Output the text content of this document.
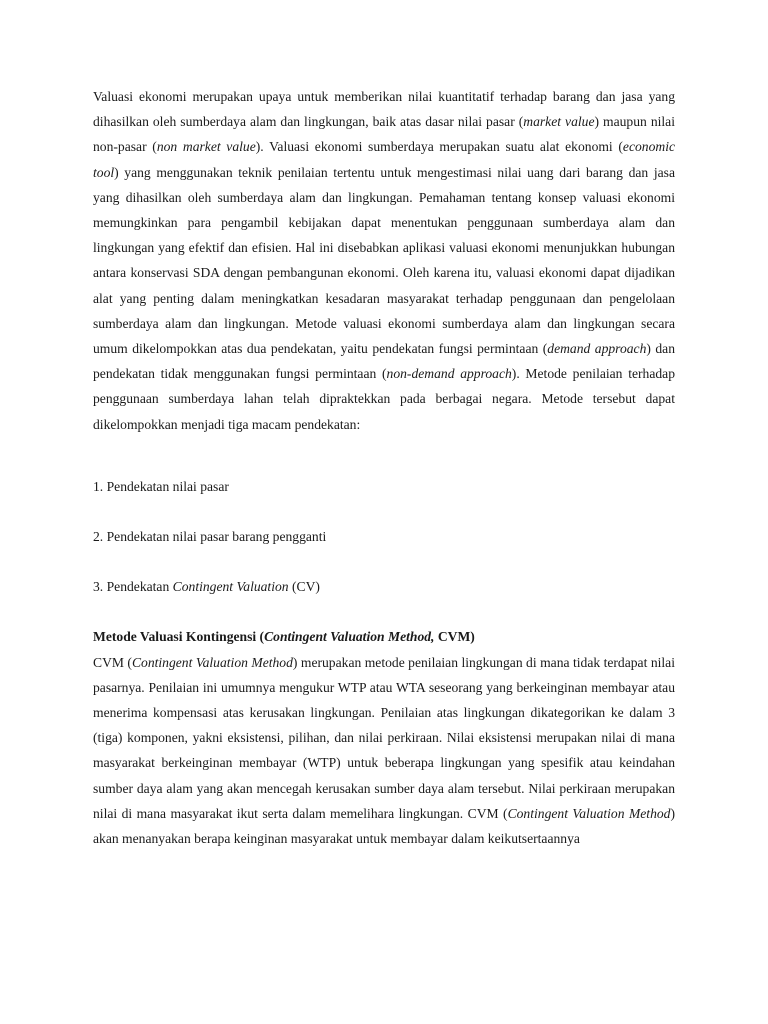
Valuasi ekonomi merupakan upaya untuk memberikan nilai kuantitatif terhadap barang dan jasa yang dihasilkan oleh sumberdaya alam dan lingkungan, baik atas dasar nilai pasar (market value) maupun nilai non-pasar (non market value). Valuasi ekonomi sumberdaya merupakan suatu alat ekonomi (economic tool) yang menggunakan teknik penilaian tertentu untuk mengestimasi nilai uang dari barang dan jasa yang dihasilkan oleh sumberdaya alam dan lingkungan. Pemahaman tentang konsep valuasi ekonomi memungkinkan para pengambil kebijakan dapat menentukan penggunaan sumberdaya alam dan lingkungan yang efektif dan efisien. Hal ini disebabkan aplikasi valuasi ekonomi menunjukkan hubungan antara konservasi SDA dengan pembangunan ekonomi. Oleh karena itu, valuasi ekonomi dapat dijadikan alat yang penting dalam meningkatkan kesadaran masyarakat terhadap penggunaan dan pengelolaan sumberdaya alam dan lingkungan. Metode valuasi ekonomi sumberdaya alam dan lingkungan secara umum dikelompokkan atas dua pendekatan, yaitu pendekatan fungsi permintaan (demand approach) dan pendekatan tidak menggunakan fungsi permintaan (non-demand approach). Metode penilaian terhadap penggunaan sumberdaya lahan telah dipraktekkan pada berbagai negara. Metode tersebut dapat dikelompokkan menjadi tiga macam pendekatan:

1. Pendekatan nilai pasar

2. Pendekatan nilai pasar barang pengganti

3. Pendekatan Contingent Valuation (CV)

Metode Valuasi Kontingensi (Contingent Valuation Method, CVM)

CVM (Contingent Valuation Method) merupakan metode penilaian lingkungan di mana tidak terdapat nilai pasarnya. Penilaian ini umumnya mengukur WTP atau WTA seseorang yang berkeinginan membayar atau menerima kompensasi atas kerusakan lingkungan. Penilaian atas lingkungan dikategorikan ke dalam 3 (tiga) komponen, yakni eksistensi, pilihan, dan nilai perkiraan. Nilai eksistensi merupakan nilai di mana masyarakat berkeinginan membayar (WTP) untuk beberapa lingkungan yang spesifik atau keindahan sumber daya alam yang akan mencegah kerusakan sumber daya alam tersebut. Nilai perkiraan merupakan nilai di mana masyarakat ikut serta dalam memelihara lingkungan. CVM (Contingent Valuation Method) akan menanyakan berapa keinginan masyarakat untuk membayar dalam keikutsertaannya
